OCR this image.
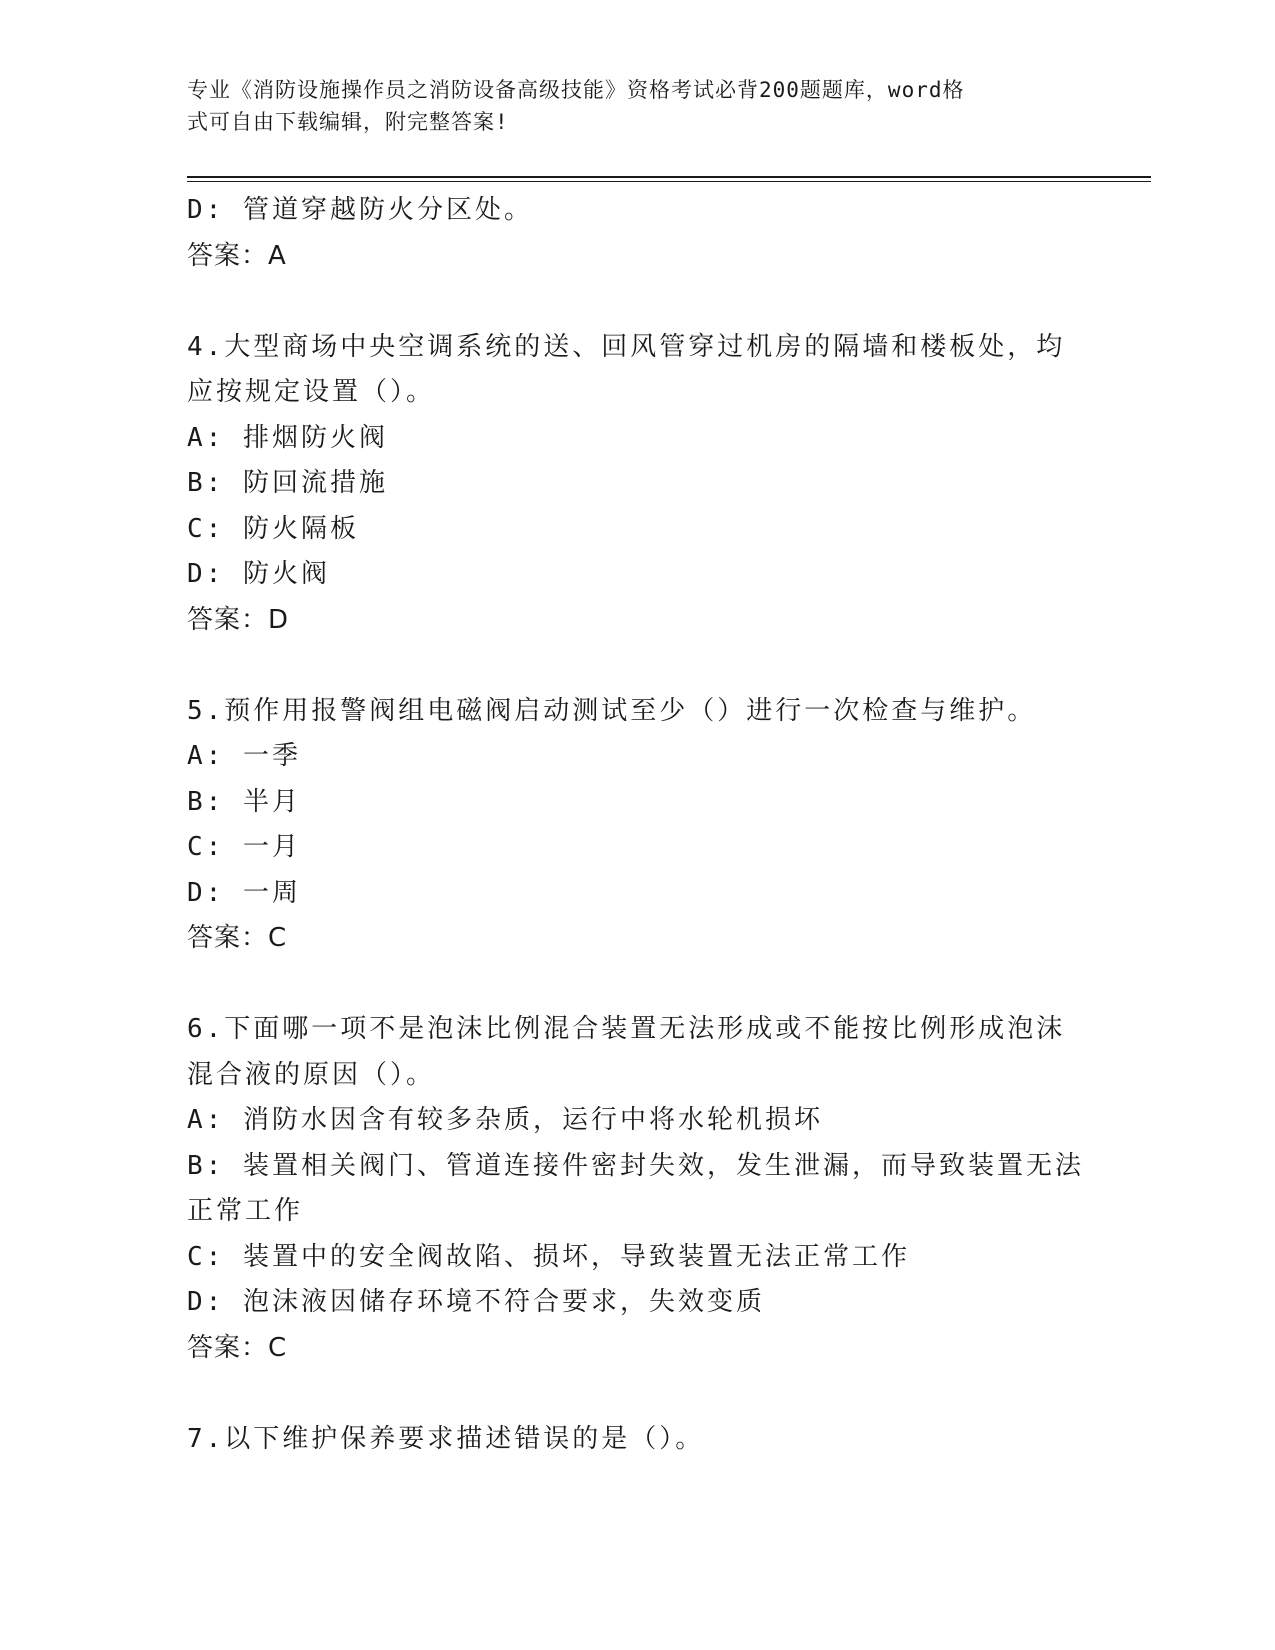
专业《消防设施操作员之消防设备高级技能》资格考试必背200题题库，word格
式可自由下载编辑，附完整答案!
D: 管道穿越防火分区处。
答案：A
4.大型商场中央空调系统的送、回风管穿过机房的隔墙和楼板处，均
应按规定设置（）。
A: 排烟防火阀
B: 防回流措施
C: 防火隔板
D: 防火阀
答案：D
5.预作用报警阀组电磁阀启动测试至少（）进行一次检查与维护。
A: 一季
B: 半月
C: 一月
D: 一周
答案：C
6.下面哪一项不是泡沫比例混合装置无法形成或不能按比例形成泡沫
混合液的原因（）。
A: 消防水因含有较多杂质，运行中将水轮机损坏
B: 装置相关阀门、管道连接件密封失效，发生泄漏，而导致装置无法
正常工作
C: 装置中的安全阀故陷、损坏，导致装置无法正常工作
D: 泡沫液因储存环境不符合要求，失效变质
答案：C
7.以下维护保养要求描述错误的是（）。
